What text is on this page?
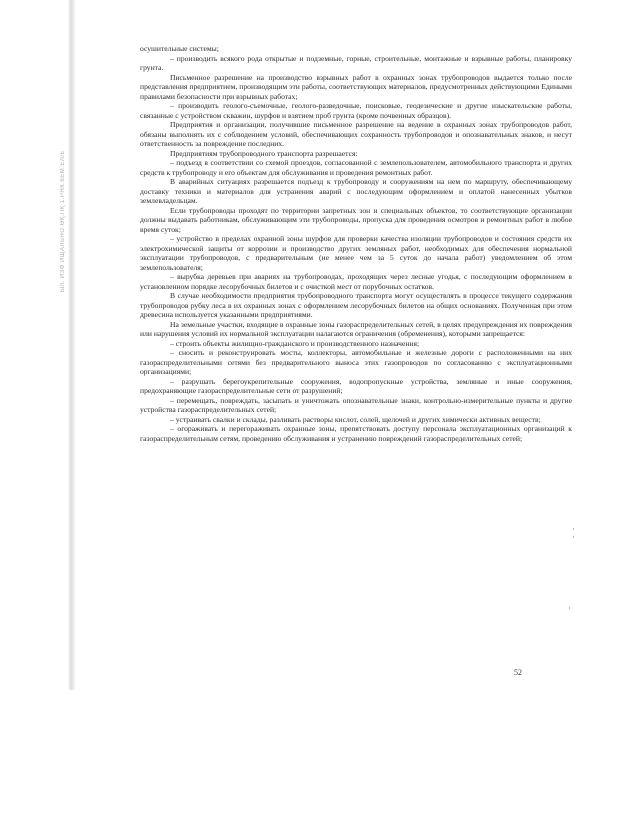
Ыл. ИЗФ ИЩАЛЬНО.ӨҚ.ПҚ 1.РНК.6ЕМ.ЕЛ/Е

осушительные системы;

– производить всякого рода открытые и подземные, горные, строительные, монтажные и взрывные работы, планировку грунта.

Письменное разрешение на производство взрывных работ в охранных зонах трубопроводов выдается только после представления предприятием, производящим эти работы, соответствующих материалов, предусмотренных действующими Едиными правилами безопасности при взрывных работах;

– производить геолого-съемочные, геолого-разведочные, поисковые, геодезические и другие изыскательские работы, связанные с устройством скважин, шурфов и взятием проб грунта (кроме почвенных образцов).

Предприятия и организации, получившие письменное разрешение на ведение в охранных зонах трубопроводов работ, обязаны выполнять их с соблюдением условий, обеспечивающих сохранность трубопроводов и опознавательных знаков, и несут ответственность за повреждение последних.

Предприятиям трубопроводного транспорта разрешается:

– подъезд в соответствии со схемой проездов, согласованной с землепользователем, автомобильного транспорта и других средств к трубопроводу и его объектам для обслуживания и проведения ремонтных работ.

В аварийных ситуациях разрешается подъезд к трубопроводу и сооружениям на нем по маршруту, обеспечивающему доставку техники и материалов для устранения аварий с последующим оформлением и оплатой нанесенных убытков землевладельцам.

Если трубопроводы проходят по территории запретных зон и специальных объектов, то соответствующие организации должны выдавать работникам, обслуживающим эти трубопроводы, пропуска для проведения осмотров и ремонтных работ в любое время суток;

– устройство в пределах охранной зоны шурфов для проверки качества изоляции трубопроводов и состояния средств их электрохимической защиты от коррозии и производство других земляных работ, необходимых для обеспечения нормальной эксплуатации трубопроводов, с предварительным (не менее чем за 5 суток до начала работ) уведомлением об этом землепользователя;

– вырубка деревьев при авариях на трубопроводах, проходящих через лесные угодья, с последующим оформлением в установленном порядке лесорубочных билетов и с очисткой мест от порубочных остатков.

В случае необходимости предприятия трубопроводного транспорта могут осуществлять в процессе текущего содержания трубопроводов рубку леса в их охранных зонах с оформлением лесорубочных билетов на общих основаниях. Полученная при этом древесина используется указанными предприятиями.

На земельные участки, входящие в охранные зоны газораспределительных сетей, в целях предупреждения их повреждения или нарушения условий их нормальной эксплуатации налагаются ограничения (обременения), которыми запрещается:

– строить объекты жилищно-гражданского и производственного назначения;

– сносить и реконструировать мосты, коллекторы, автомобильные и железные дороги с расположенными на них газораспределительными сетями без предварительного выноса этих газопроводов по согласованию с эксплуатационными организациями;

– разрушать берегоукрепительные сооружения, водопропускные устройства, земляные и иные сооружения, предохраняющие газораспределительные сети от разрушений;

– перемещать, повреждать, засыпать и уничтожать опознавательные знаки, контрольно-измерительные пункты и другие устройства газораспределительных сетей;

– устраивать свалки и склады, разливать растворы кислот, солей, щелочей и других химически активных веществ;

– огораживать и перегораживать охранные зоны, препятствовать доступу персонала эксплуатационных организаций к газораспределительным сетям, проведению обслуживания и устранению повреждений газораспределительных сетей;

52
